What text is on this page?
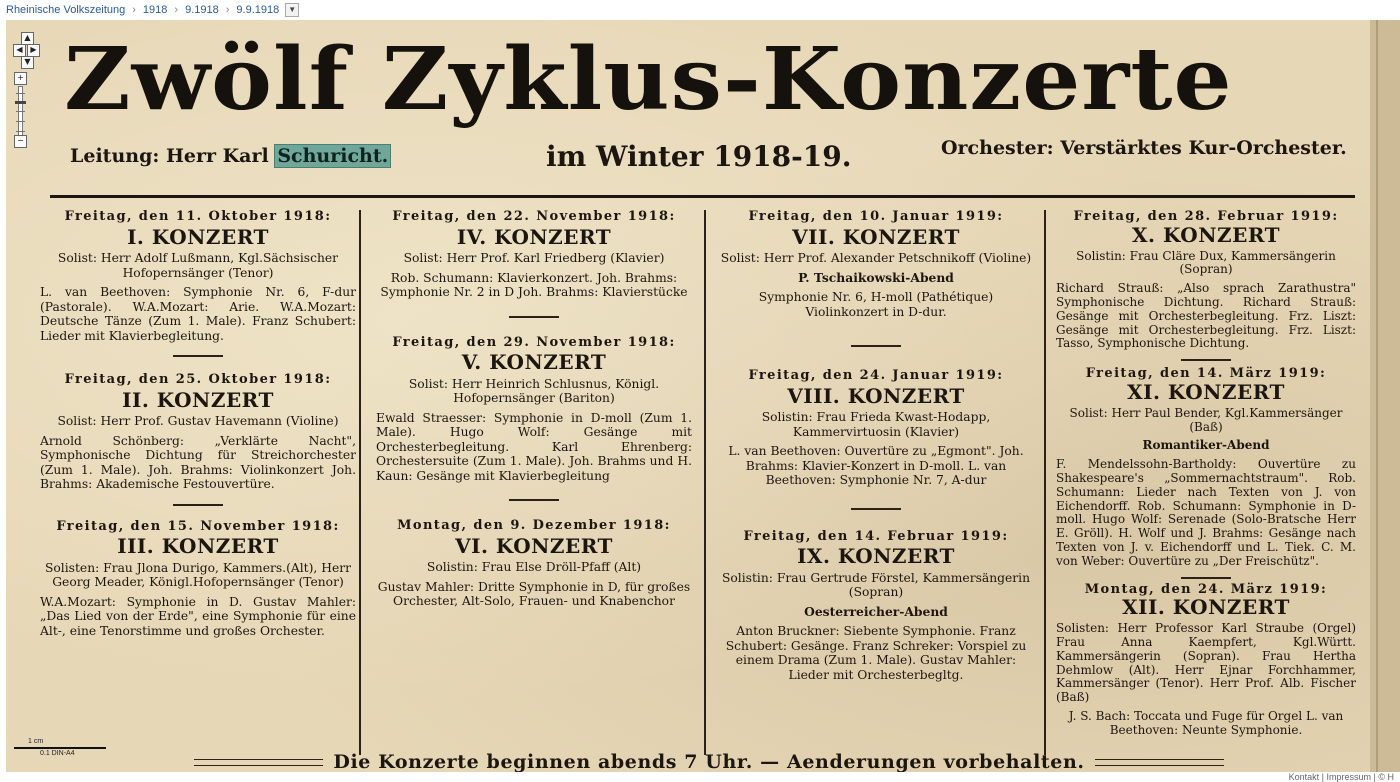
Rheinische Volkszeitung › 1918 › 9.1918 › 9.9.1918	▼
Zwölf Zyklus-Konzerte
Leitung: Herr Karl Schuricht.	im Winter 1918-19.	Orchester: Verstärktes Kur-Orchester.
Freitag, den 11. Oktober 1918:
I. KONZERT
Solist: Herr Adolf Lußmann, Kgl.Sächsischer Hofopernsänger (Tenor)
L. van Beethoven: Symphonie Nr. 6, F-dur (Pastorale). W.A.Mozart: Arie. W.A.Mozart: Deutsche Tänze (Zum 1. Male). Franz Schubert: Lieder mit Klavierbegleitung.
Freitag, den 25. Oktober 1918:
II. KONZERT
Solist: Herr Prof. Gustav Havemann (Violine)
Arnold Schönberg: „Verklärte Nacht", Symphonische Dichtung für Streichorchester (Zum 1. Male). Joh. Brahms: Violinkonzert Joh. Brahms: Akademische Festouvertüre.
Freitag, den 15. November 1918:
III. KONZERT
Solisten: Frau Jlona Durigo, Kammers.(Alt), Herr Georg Meader, Königl.Hofopernsänger (Tenor)
W.A.Mozart: Symphonie in D. Gustav Mahler: „Das Lied von der Erde", eine Symphonie für eine Alt-, eine Tenorstimme und großes Orchester.
Freitag, den 22. November 1918:
IV. KONZERT
Solist: Herr Prof. Karl Friedberg (Klavier)
Rob. Schumann: Klavierkonzert. Joh. Brahms: Symphonie Nr. 2 in D Joh. Brahms: Klavierstücke
Freitag, den 29. November 1918:
V. KONZERT
Solist: Herr Heinrich Schlusnus, Königl. Hofopernsänger (Bariton)
Ewald Straesser: Symphonie in D-moll (Zum 1. Male). Hugo Wolf: Gesänge mit Orchesterbegleitung. Karl Ehrenberg: Orchestersuite (Zum 1. Male). Joh. Brahms und H. Kaun: Gesänge mit Klavierbegleitung
Montag, den 9. Dezember 1918:
VI. KONZERT
Solistin: Frau Else Dröll-Pfaff (Alt)
Gustav Mahler: Dritte Symphonie in D, für großes Orchester, Alt-Solo, Frauen- und Knabenchor
Freitag, den 10. Januar 1919:
VII. KONZERT
Solist: Herr Prof. Alexander Petschnikoff (Violine)
P. Tschaikowski-Abend
Symphonie Nr. 6, H-moll (Pathétique) Violinkonzert in D-dur.
Freitag, den 24. Januar 1919:
VIII. KONZERT
Solistin: Frau Frieda Kwast-Hodapp, Kammervirtuosin (Klavier)
L. van Beethoven: Ouvertüre zu „Egmont". Joh. Brahms: Klavier-Konzert in D-moll. L. van Beethoven: Symphonie Nr. 7, A-dur
Freitag, den 14. Februar 1919:
IX. KONZERT
Solistin: Frau Gertrude Förstel, Kammersängerin (Sopran)
Oesterreicher-Abend
Anton Bruckner: Siebente Symphonie. Franz Schubert: Gesänge. Franz Schreker: Vorspiel zu einem Drama (Zum 1. Male). Gustav Mahler: Lieder mit Orchesterbegltg.
Freitag, den 28. Februar 1919:
X. KONZERT
Solistin: Frau Cläre Dux, Kammersängerin (Sopran)
Richard Strauß: „Also sprach Zarathustra" Symphonische Dichtung. Richard Strauß: Gesänge mit Orchesterbegleitung. Frz. Liszt: Gesänge mit Orchesterbegleitung. Frz. Liszt: Tasso, Symphonische Dichtung.
Freitag, den 14. März 1919:
XI. KONZERT
Solist: Herr Paul Bender, Kgl.Kammersänger (Baß)
Romantiker-Abend
F. Mendelssohn-Bartholdy: Ouvertüre zu Shakespeare's „Sommernachtstraum". Rob. Schumann: Lieder nach Texten von J. von Eichendorff. Rob. Schumann: Symphonie in D-moll. Hugo Wolf: Serenade (Solo-Bratsche Herr E. Gröll). H. Wolf und J. Brahms: Gesänge nach Texten von J. v. Eichendorff und L. Tiek. C. M. von Weber: Ouvertüre zu „Der Freischütz".
Montag, den 24. März 1919:
XII. KONZERT
Solisten: Herr Professor Karl Straube (Orgel) Frau Anna Kaempfert, Kgl.Württ. Kammersängerin (Sopran). Frau Hertha Dehmlow (Alt). Herr Ejnar Forchhammer, Kammersänger (Tenor). Herr Prof. Alb. Fischer (Baß)
J. S. Bach: Toccata und Fuge für Orgel L. van Beethoven: Neunte Symphonie.
Die Konzerte beginnen abends 7 Uhr. — Aenderungen vorbehalten.
▲
◀ ▶
▼
+
−
1 cm
0.1 DIN-A4
Kontakt | Impressum | © H
